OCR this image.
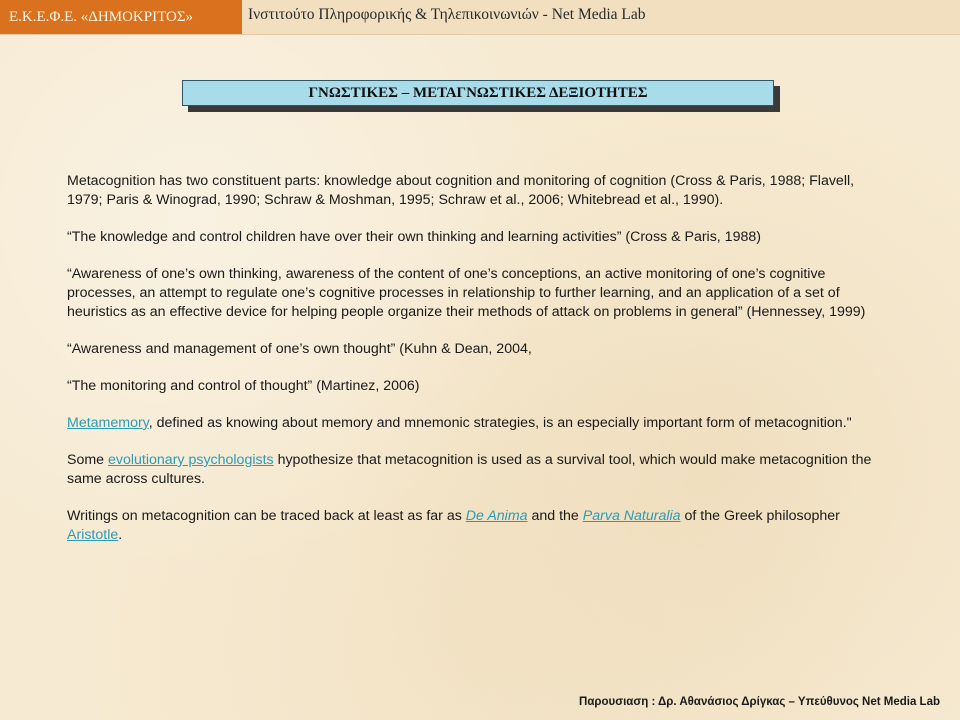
Ε.Κ.Ε.Φ.Ε. «ΔΗΜΟΚΡΙΤΟΣ»	Ινστιτούτο Πληροφορικής & Τηλεπικοινωνιών - Net Media Lab
ΓΝΩΣΤΙΚΕΣ – ΜΕΤΑΓΝΩΣΤΙΚΕΣ ΔΕΞΙΟΤΗΤΕΣ

Metacognition has two constituent parts: knowledge about cognition and monitoring of cognition (Cross & Paris, 1988; Flavell, 1979; Paris & Winograd, 1990; Schraw & Moshman, 1995; Schraw et al., 2006; Whitebread et al., 1990).

“The knowledge and control children have over their own thinking and learning activities” (Cross & Paris, 1988)

“Awareness of one’s own thinking, awareness of the content of one’s conceptions, an active monitoring of one’s cognitive processes, an attempt to regulate one’s cognitive processes in relationship to further learning, and an application of a set of heuristics as an effective device for helping people organize their methods of attack on problems in general” (Hennessey, 1999)

“Awareness and management of one’s own thought” (Kuhn & Dean, 2004,

“The monitoring and control of thought” (Martinez, 2006)

Metamemory, defined as knowing about memory and mnemonic strategies, is an especially important form of metacognition."

Some evolutionary psychologists hypothesize that metacognition is used as a survival tool, which would make metacognition the same across cultures.

Writings on metacognition can be traced back at least as far as De Anima and the Parva Naturalia of the Greek philosopher Aristotle.

Παρουσιαση : Δρ. Αθανάσιος Δρίγκας – Υπεύθυνος Net Media Lab
